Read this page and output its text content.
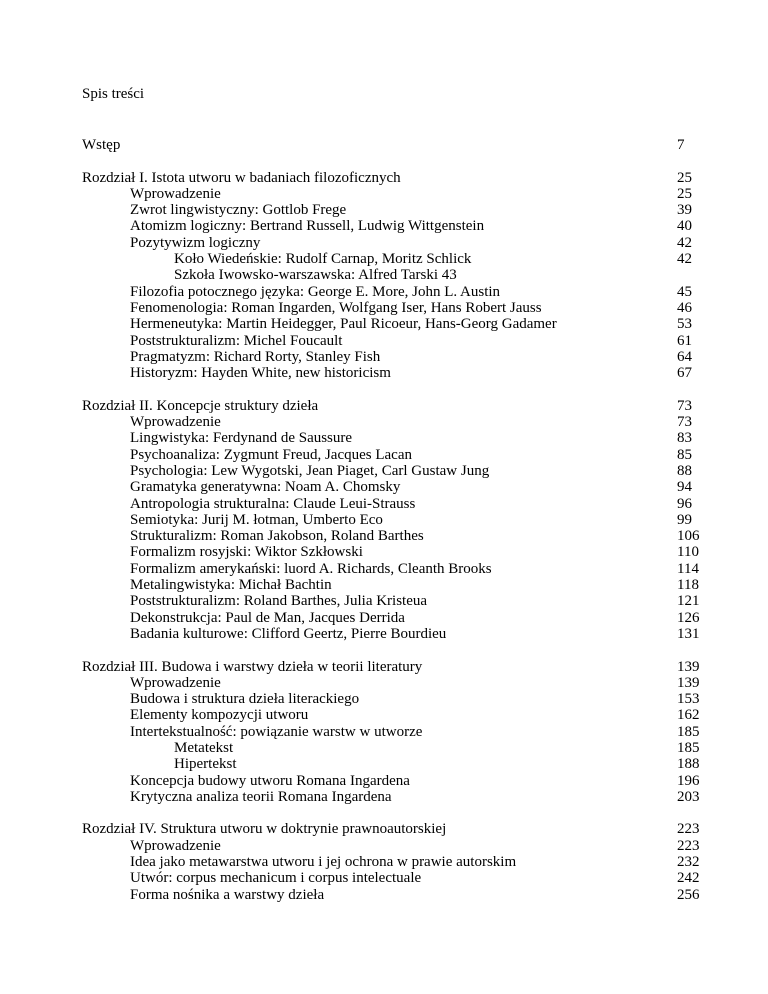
Spis treści
Wstęp	7
Rozdział I. Istota utworu w badaniach filozoficznych	25
Wprowadzenie	25
Zwrot lingwistyczny: Gottlob Frege	39
Atomizm logiczny: Bertrand Russell, Ludwig Wittgenstein	40
Pozytywizm logiczny	42
Koło Wiedeńskie: Rudolf Carnap, Moritz Schlick	42
Szkoła Iwowsko-warszawska: Alfred Tarski 43
Filozofia potocznego języka: George E. More, John L. Austin	45
Fenomenologia: Roman Ingarden, Wolfgang Iser, Hans Robert Jauss	46
Hermeneutyka: Martin Heidegger, Paul Ricoeur, Hans-Georg Gadamer	53
Poststrukturalizm: Michel Foucault	61
Pragmatyzm: Richard Rorty, Stanley Fish	64
Historyzm: Hayden White, new historicism	67
Rozdział II. Koncepcje struktury dzieła	73
Wprowadzenie	73
Lingwistyka: Ferdynand de Saussure	83
Psychoanaliza: Zygmunt Freud, Jacques Lacan	85
Psychologia: Lew Wygotski, Jean Piaget, Carl Gustaw Jung	88
Gramatyka generatywna: Noam A. Chomsky	94
Antropologia strukturalna: Claude Leui-Strauss	96
Semiotyka: Jurij M. łotman, Umberto Eco	99
Strukturalizm: Roman Jakobson, Roland Barthes	106
Formalizm rosyjski: Wiktor Szkłowski	110
Formalizm amerykański: luord A. Richards, Cleanth Brooks	114
Metalingwistyka: Michał Bachtin	118
Poststrukturalizm: Roland Barthes, Julia Kristeua	121
Dekonstrukcja: Paul de Man, Jacques Derrida	126
Badania kulturowe: Clifford Geertz, Pierre Bourdieu	131
Rozdział III. Budowa i warstwy dzieła w teorii literatury	139
Wprowadzenie	139
Budowa i struktura dzieła literackiego	153
Elementy kompozycji utworu	162
Intertekstualność: powiązanie warstw w utworze	185
Metatekst	185
Hipertekst	188
Koncepcja budowy utworu Romana Ingardena	196
Krytyczna analiza teorii Romana Ingardena	203
Rozdział IV. Struktura utworu w doktrynie prawnoautorskiej	223
Wprowadzenie	223
Idea jako metawarstwa utworu i jej ochrona w prawie autorskim	232
Utwór: corpus mechanicum i corpus intelectuale	242
Forma nośnika a warstwy dzieła	256
